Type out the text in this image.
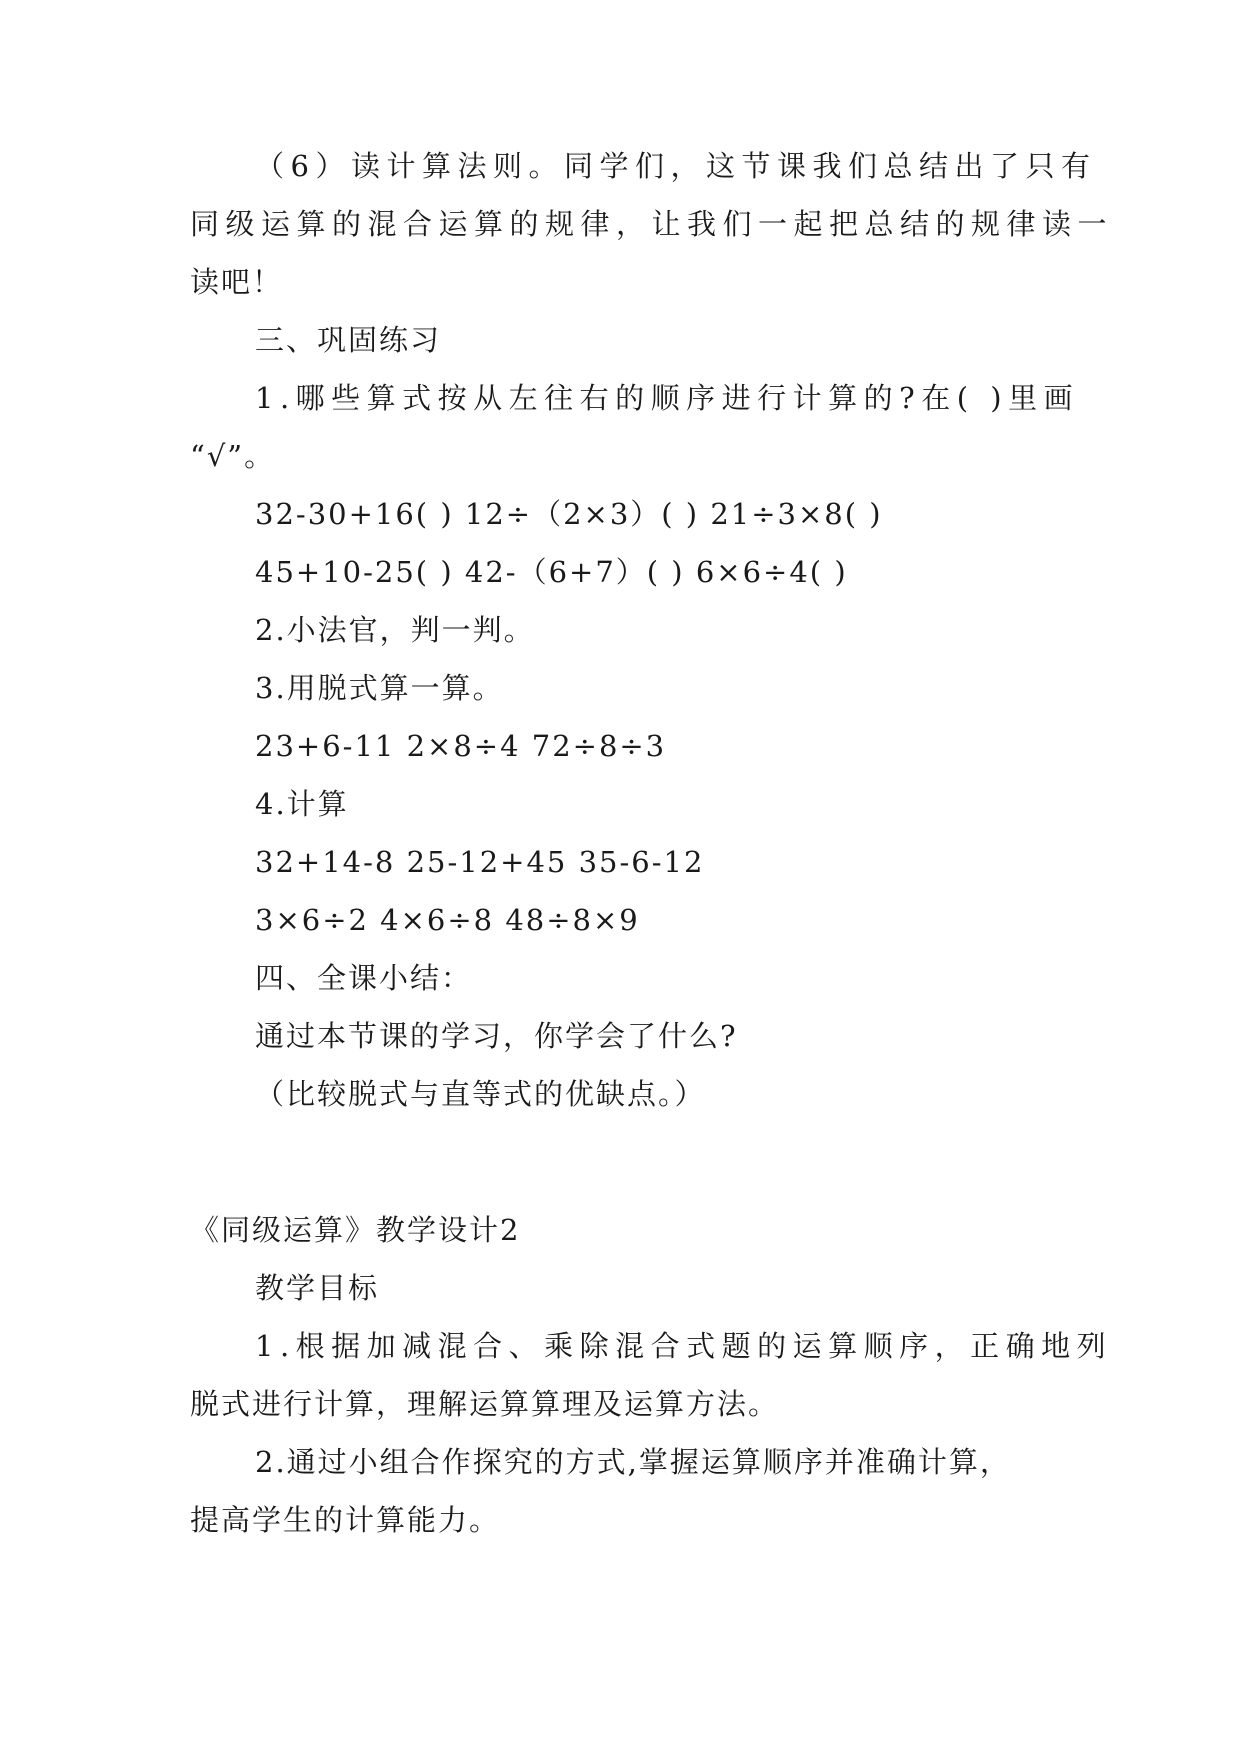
（6）读计算法则。同学们，这节课我们总结出了只有
同级运算的混合运算的规律，让我们一起把总结的规律读一
读吧！
三、巩固练习
1.哪些算式按从左往右的顺序进行计算的?在( )里画
“√”。
32-30+16( ) 12÷（2×3）( ) 21÷3×8( )
45+10-25( ) 42-（6+7）( ) 6×6÷4( )
2.小法官，判一判。
3.用脱式算一算。
23+6-11 2×8÷4 72÷8÷3
4.计算
32+14-8 25-12+45 35-6-12
3×6÷2 4×6÷8 48÷8×9
四、全课小结：
通过本节课的学习，你学会了什么?
（比较脱式与直等式的优缺点。）
《同级运算》教学设计2
教学目标
1.根据加减混合、乘除混合式题的运算顺序，正确地列
脱式进行计算，理解运算算理及运算方法。
2.通过小组合作探究的方式,掌握运算顺序并准确计算，
提高学生的计算能力。
